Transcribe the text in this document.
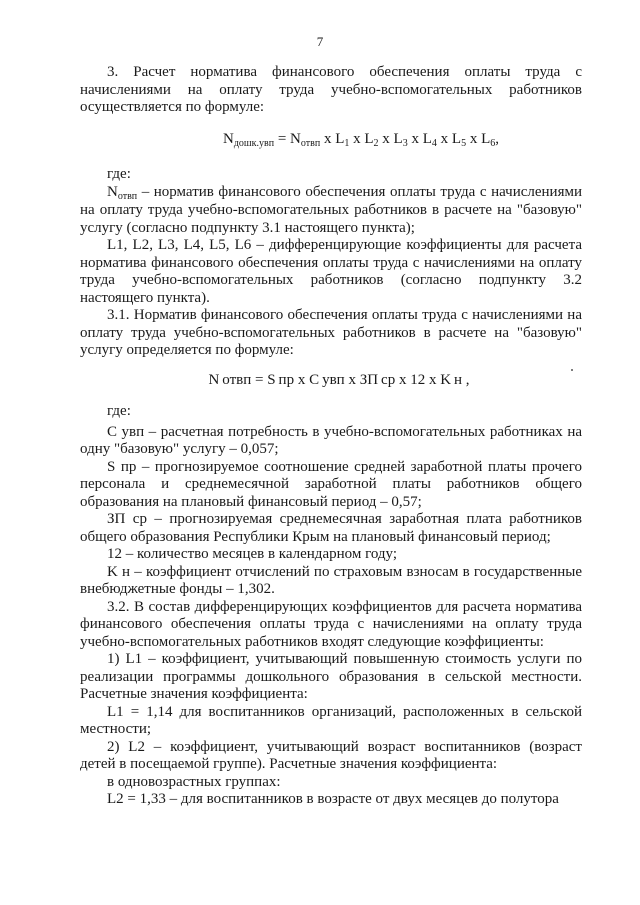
7

3. Расчет норматива финансового обеспечения оплаты труда с начислениями на оплату труда учебно-вспомогательных работников осуществляется по формуле:

$N_{дошк.увп} = N_{отвп}$ x $L_1$ x $L_2$ x $L_3$ x $L_4$ x $L_5$ x $L_6$,

где:

$N_{отвп}$ – норматив финансового обеспечения оплаты труда с начислениями на оплату труда учебно-вспомогательных работников в расчете на "базовую" услугу (согласно подпункту 3.1 настоящего пункта);

L1, L2, L3, L4, L5, L6 – дифференцирующие коэффициенты для расчета норматива финансового обеспечения оплаты труда с начислениями на оплату труда учебно-вспомогательных работников (согласно подпункту 3.2 настоящего пункта).

3.1. Норматив финансового обеспечения оплаты труда с начислениями на оплату труда учебно-вспомогательных работников в расчете на "базовую" услугу определяется по формуле:

N отвп = S пр x C увп x ЗП ср x 12 x K н ,

где:

C увп – расчетная потребность в учебно-вспомогательных работниках на одну "базовую" услугу – 0,057;

S пр – прогнозируемое соотношение средней заработной платы прочего персонала и среднемесячной заработной платы работников общего образования на плановый финансовый период – 0,57;

ЗП ср – прогнозируемая среднемесячная заработная плата работников общего образования Республики Крым на плановый финансовый период;

12 – количество месяцев в календарном году;

K н – коэффициент отчислений по страховым взносам в государственные внебюджетные фонды – 1,302.

3.2. В состав дифференцирующих коэффициентов для расчета норматива финансового обеспечения оплаты труда с начислениями на оплату труда учебно-вспомогательных работников входят следующие коэффициенты:

1) L1 – коэффициент, учитывающий повышенную стоимость услуги по реализации программы дошкольного образования в сельской местности. Расчетные значения коэффициента:

L1 = 1,14 для воспитанников организаций, расположенных в сельской местности;

2) L2 – коэффициент, учитывающий возраст воспитанников (возраст детей в посещаемой группе). Расчетные значения коэффициента:

в одновозрастных группах:

L2 = 1,33 – для воспитанников в возрасте от двух месяцев до полутора
